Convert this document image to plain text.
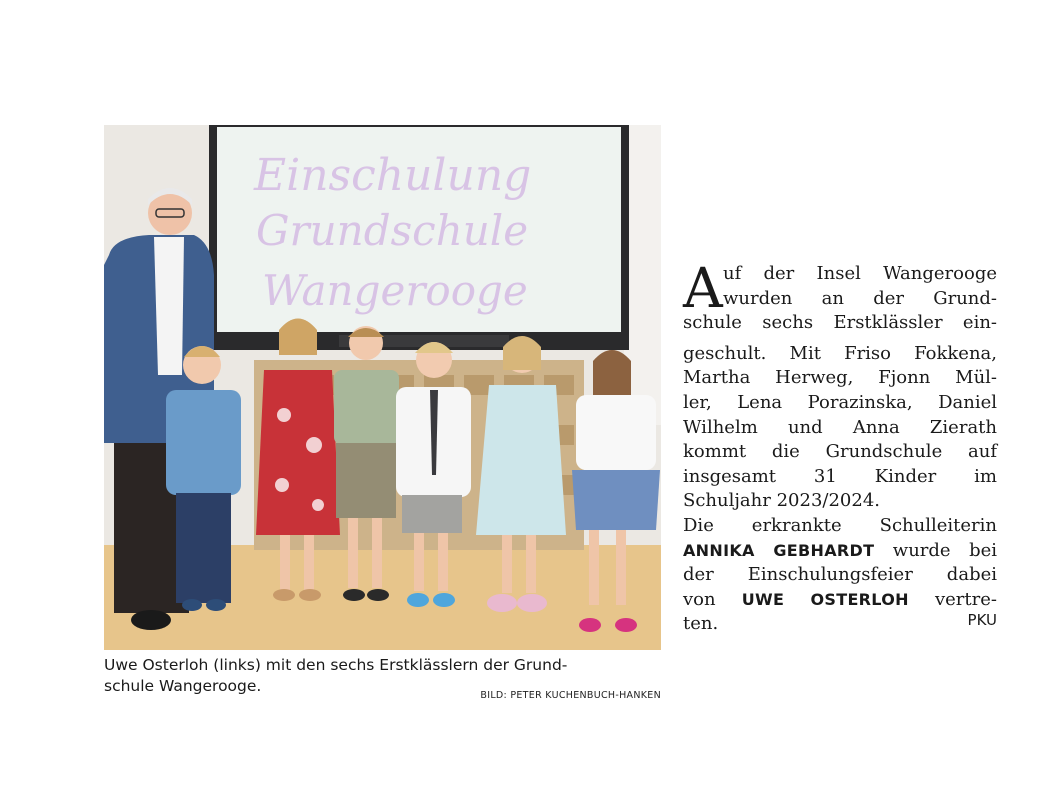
Einschulung
Grundschule
Wangerooge
Uwe Osterloh (links) mit den sechs Erstklässlern der Grund-
schule Wangerooge.
BILD: PETER KUCHENBUCH-HANKEN
A uf der Insel Wangerooge
wurden an der Grund-
schule sechs Erstklässler ein-
geschult. Mit Friso Fokkena,
Martha Herweg, Fjonn Mül-
ler, Lena Porazinska, Daniel
Wilhelm und Anna Zierath
kommt die Grundschule auf
insgesamt 31 Kinder im
Schuljahr 2023/2024.
Die erkrankte Schulleiterin
ANNIKA GEBHARDT wurde bei
der Einschulungsfeier dabei
von UWE OSTERLOH vertre-
ten.	PKU
